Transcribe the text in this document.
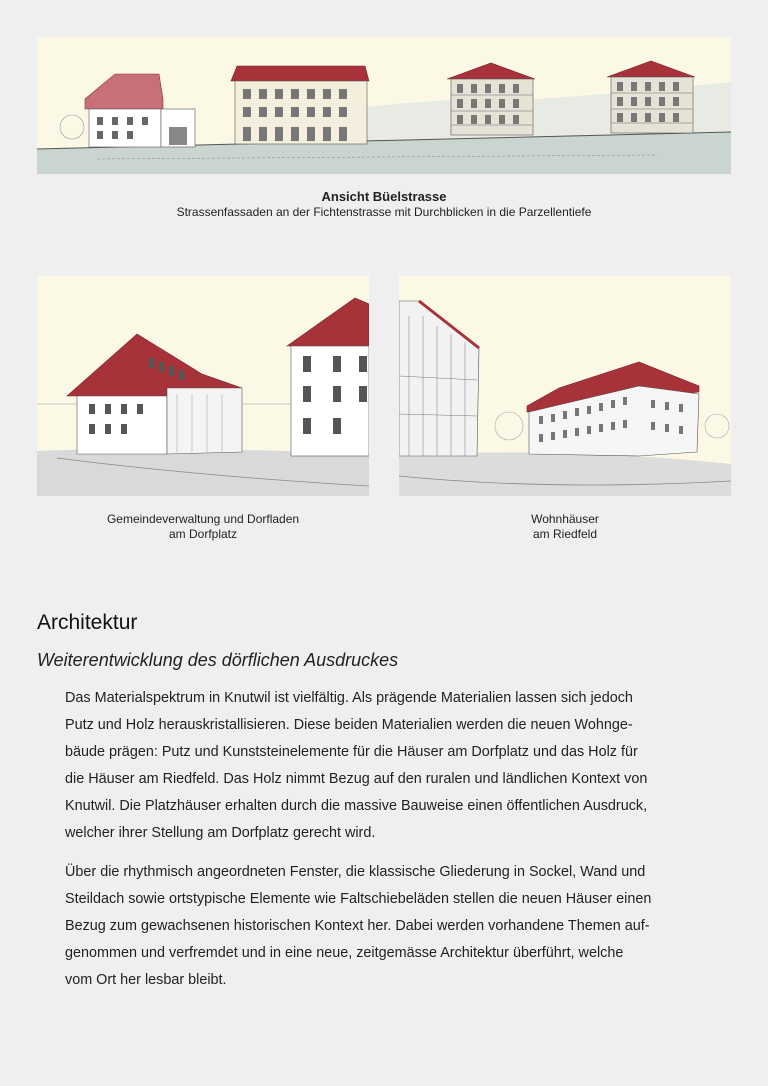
Ansicht Büelstrasse
Strassenfassaden an der Fichtenstrasse mit Durchblicken in die Parzellentiefe
Gemeindeverwaltung und Dorfladen
am Dorfplatz
Wohnhäuser
am Riedfeld
Architektur
Weiterentwicklung des dörflichen Ausdruckes

Das Materialspektrum in Knutwil ist vielfältig. Als prägende Materialien lassen sich jedoch
Putz und Holz herauskristallisieren. Diese beiden Materialien werden die neuen Wohnge-
bäude prägen: Putz und Kunststeinelemente für die Häuser am Dorfplatz und das Holz für
die Häuser am Riedfeld. Das Holz nimmt Bezug auf den ruralen und ländlichen Kontext von
Knutwil. Die Platzhäuser erhalten durch die massive Bauweise einen öffentlichen Ausdruck,
welcher ihrer Stellung am Dorfplatz gerecht wird.

Über die rhythmisch angeordneten Fenster, die klassische Gliederung in Sockel, Wand und
Steildach sowie ortstypische Elemente wie Faltschiebeläden stellen die neuen Häuser einen
Bezug zum gewachsenen historischen Kontext her. Dabei werden vorhandene Themen auf-
genommen und verfremdet und in eine neue, zeitgemässe Architektur überführt, welche
vom Ort her lesbar bleibt.
